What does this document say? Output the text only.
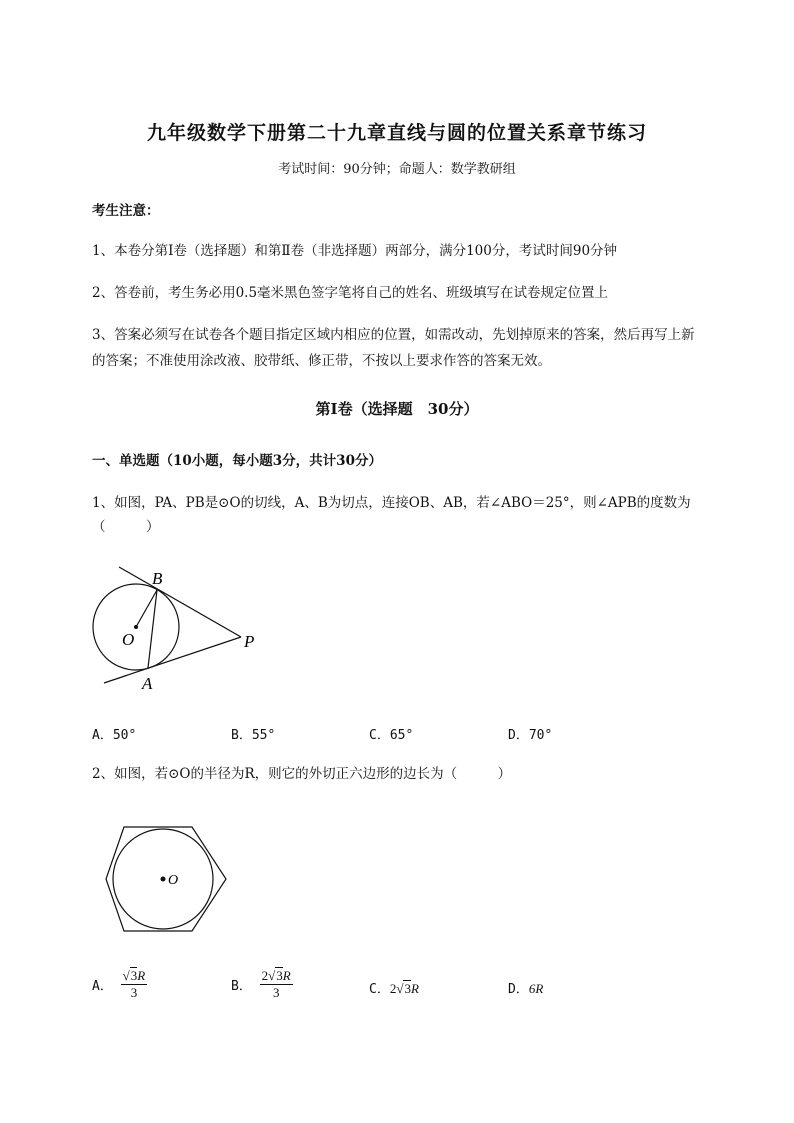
九年级数学下册第二十九章直线与圆的位置关系章节练习
考试时间：90分钟；命题人：数学教研组
考生注意：
1、本卷分第I卷（选择题）和第Ⅱ卷（非选择题）两部分，满分100分，考试时间90分钟
2、答卷前，考生务必用0.5毫米黑色签字笔将自己的姓名、班级填写在试卷规定位置上
3、答案必须写在试卷各个题目指定区域内相应的位置，如需改动，先划掉原来的答案，然后再写上新
的答案；不准使用涂改液、胶带纸、修正带，不按以上要求作答的答案无效。
第I卷（选择题　30分）
一、单选题（10小题，每小题3分，共计30分）
1、如图，PA、PB是⊙O的切线，A、B为切点，连接OB、AB，若∠ABO＝25°，则∠APB的度数为
（　　　）
B
O	P
A
A．50°	B．55°	C．65°	D．70°
2、如图，若⊙O的半径为R，则它的外切正六边形的边长为（　　　）
O
A． $\frac{√3R}{3}$	B． $\frac{2√3R}{3}$	C．2√3R	D．6R
